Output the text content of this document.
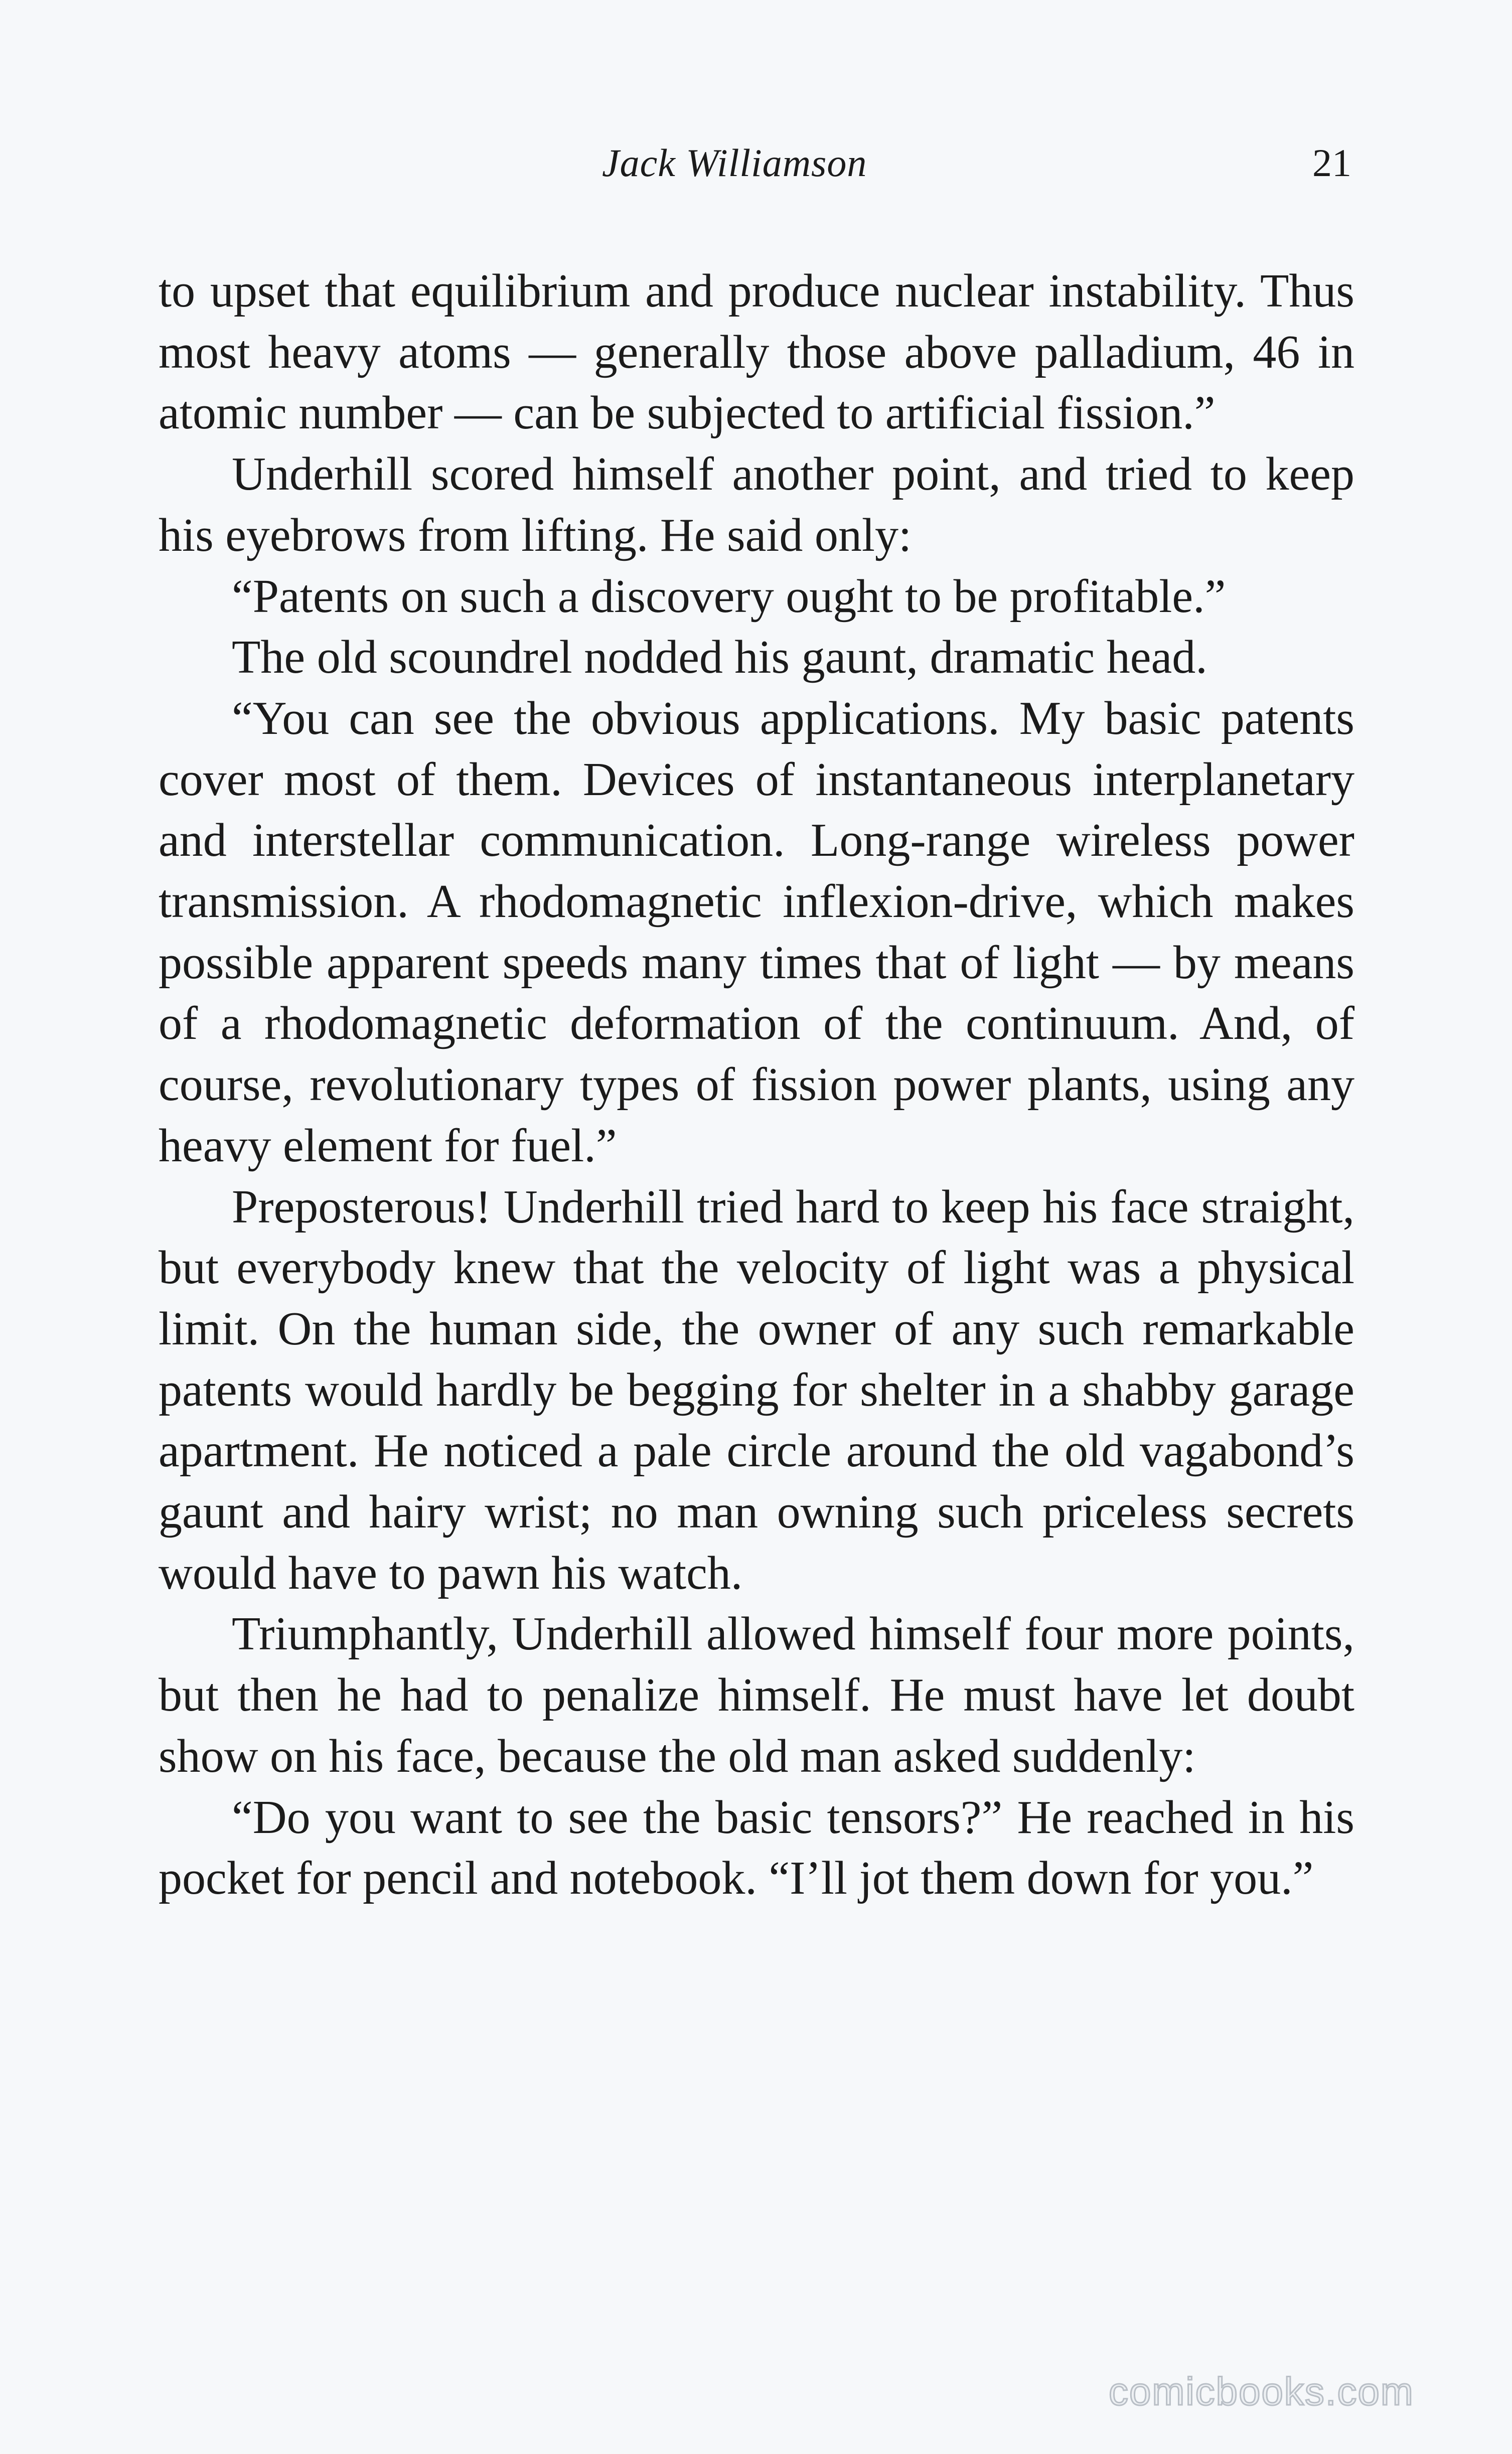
Jack Williamson	21

to upset that equilibrium and produce nuclear instability. Thus most heavy atoms — generally those above palladium, 46 in atomic number — can be subjected to artificial fission.”

Underhill scored himself another point, and tried to keep his eyebrows from lifting. He said only:

“Patents on such a discovery ought to be profitable.”

The old scoundrel nodded his gaunt, dramatic head.

“You can see the obvious applications. My basic patents cover most of them. Devices of instantaneous interplanetary and interstellar communication. Long-range wireless power transmission. A rhodomagnetic inflexion-drive, which makes possible apparent speeds many times that of light — by means of a rhodomagnetic deformation of the continuum. And, of course, revolutionary types of fission power plants, using any heavy element for fuel.”

Preposterous! Underhill tried hard to keep his face straight, but everybody knew that the velocity of light was a physical limit. On the human side, the owner of any such remarkable patents would hardly be begging for shelter in a shabby garage apartment. He noticed a pale circle around the old vagabond’s gaunt and hairy wrist; no man owning such priceless secrets would have to pawn his watch.

Triumphantly, Underhill allowed himself four more points, but then he had to penalize himself. He must have let doubt show on his face, because the old man asked suddenly:

“Do you want to see the basic tensors?” He reached in his pocket for pencil and notebook. “I’ll jot them down for you.”

comicbooks.com
